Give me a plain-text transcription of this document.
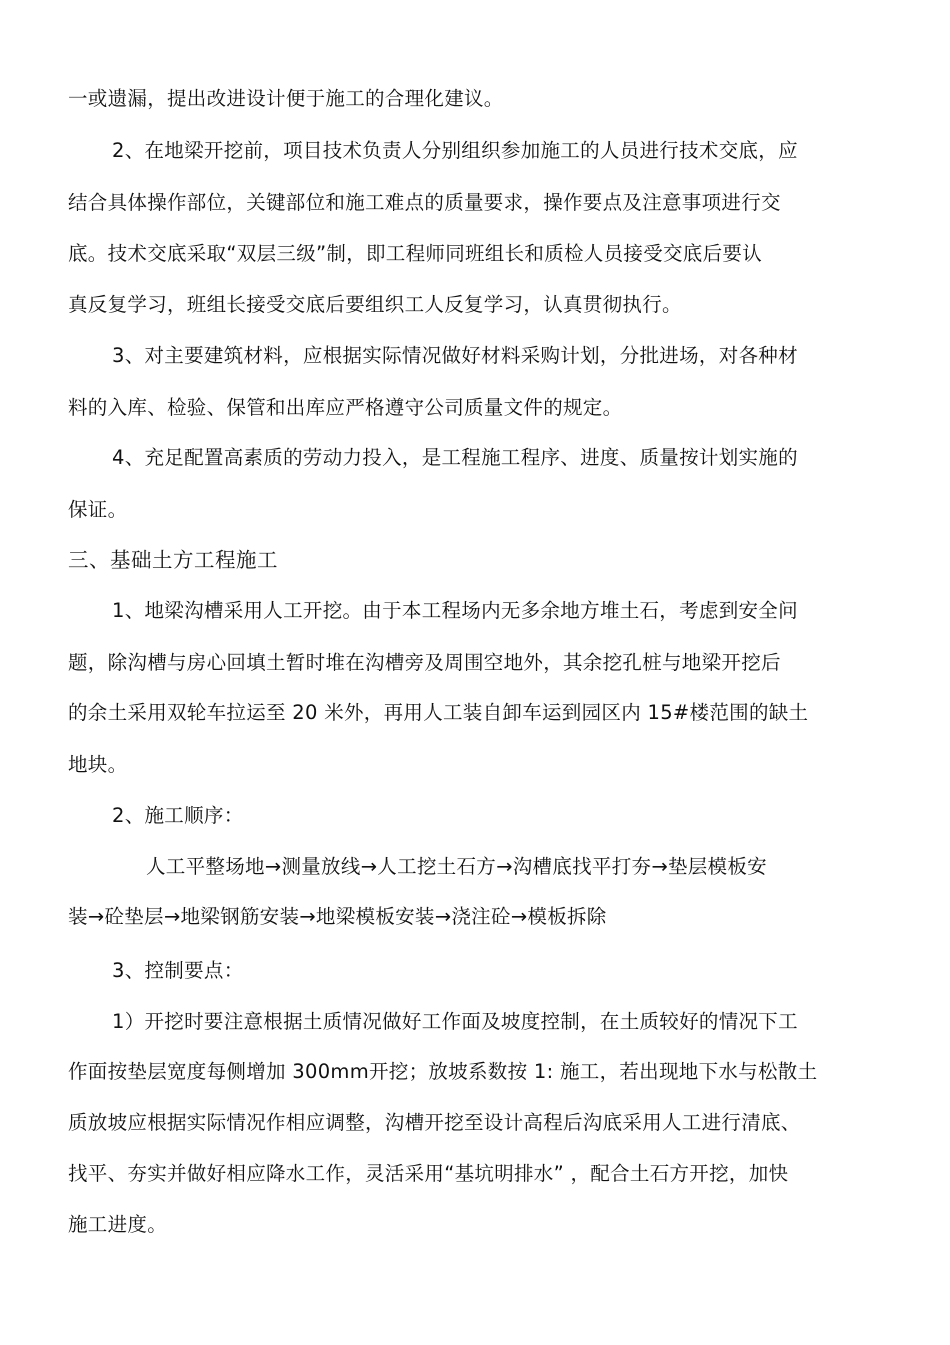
一或遗漏，提出改进设计便于施工的合理化建议。
2、在地梁开挖前，项目技术负责人分别组织参加施工的人员进行技术交底，应
结合具体操作部位，关键部位和施工难点的质量要求，操作要点及注意事项进行交
底。技术交底采取“双层三级”制，即工程师同班组长和质检人员接受交底后要认
真反复学习，班组长接受交底后要组织工人反复学习，认真贯彻执行。
3、对主要建筑材料，应根据实际情况做好材料采购计划，分批进场，对各种材
料的入库、检验、保管和出库应严格遵守公司质量文件的规定。
4、充足配置高素质的劳动力投入，是工程施工程序、进度、质量按计划实施的
保证。
三、基础土方工程施工
1、地梁沟槽采用人工开挖。由于本工程场内无多余地方堆土石，考虑到安全问
题，除沟槽与房心回填土暂时堆在沟槽旁及周围空地外，其余挖孔桩与地梁开挖后
的余土采用双轮车拉运至 20 米外，再用人工装自卸车运到园区内 15#楼范围的缺土
地块。
2、施工顺序：
人工平整场地→测量放线→人工挖土石方→沟槽底找平打夯→垫层模板安
装→砼垫层→地梁钢筋安装→地梁模板安装→浇注砼→模板拆除
3、控制要点：
1）开挖时要注意根据土质情况做好工作面及坡度控制，在土质较好的情况下工
作面按垫层宽度每侧增加 300mm开挖；放坡系数按 1: 施工，若出现地下水与松散土
质放坡应根据实际情况作相应调整，沟槽开挖至设计高程后沟底采用人工进行清底、
找平、夯实并做好相应降水工作，灵活采用“基坑明排水” ，配合土石方开挖，加快
施工进度。
